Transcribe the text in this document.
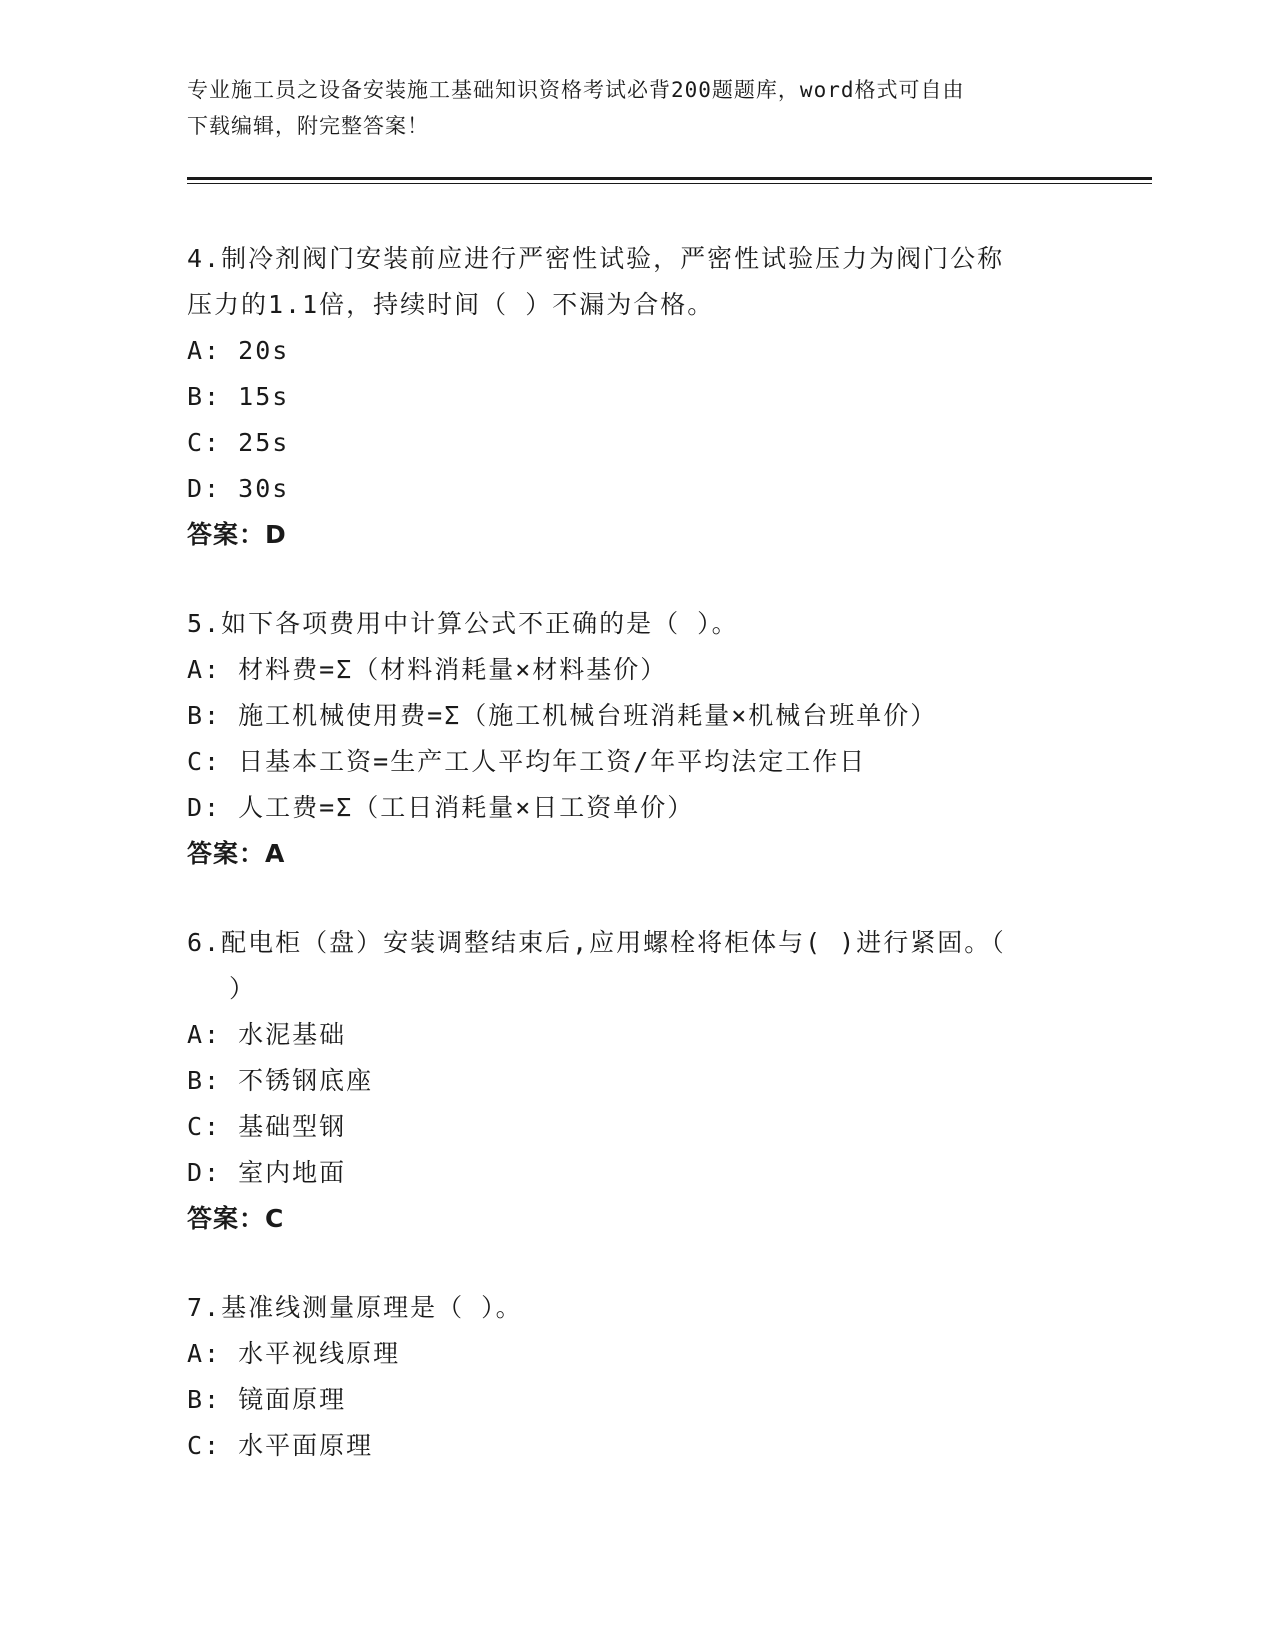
专业施工员之设备安装施工基础知识资格考试必背200题题库，word格式可自由
下载编辑，附完整答案！
4.制冷剂阀门安装前应进行严密性试验，严密性试验压力为阀门公称
压力的1.1倍，持续时间（ ）不漏为合格。
A: 20s
B: 15s
C: 25s
D: 30s
答案：D
5.如下各项费用中计算公式不正确的是（ ）。
A: 材料费=Σ（材料消耗量×材料基价）
B: 施工机械使用费=Σ（施工机械台班消耗量×机械台班单价）
C: 日基本工资=生产工人平均年工资/年平均法定工作日
D: 人工费=Σ（工日消耗量×日工资单价）
答案：A
6.配电柜（盘）安装调整结束后,应用螺栓将柜体与( )进行紧固。（
）
A: 水泥基础
B: 不锈钢底座
C: 基础型钢
D: 室内地面
答案：C
7.基准线测量原理是（ ）。
A: 水平视线原理
B: 镜面原理
C: 水平面原理
